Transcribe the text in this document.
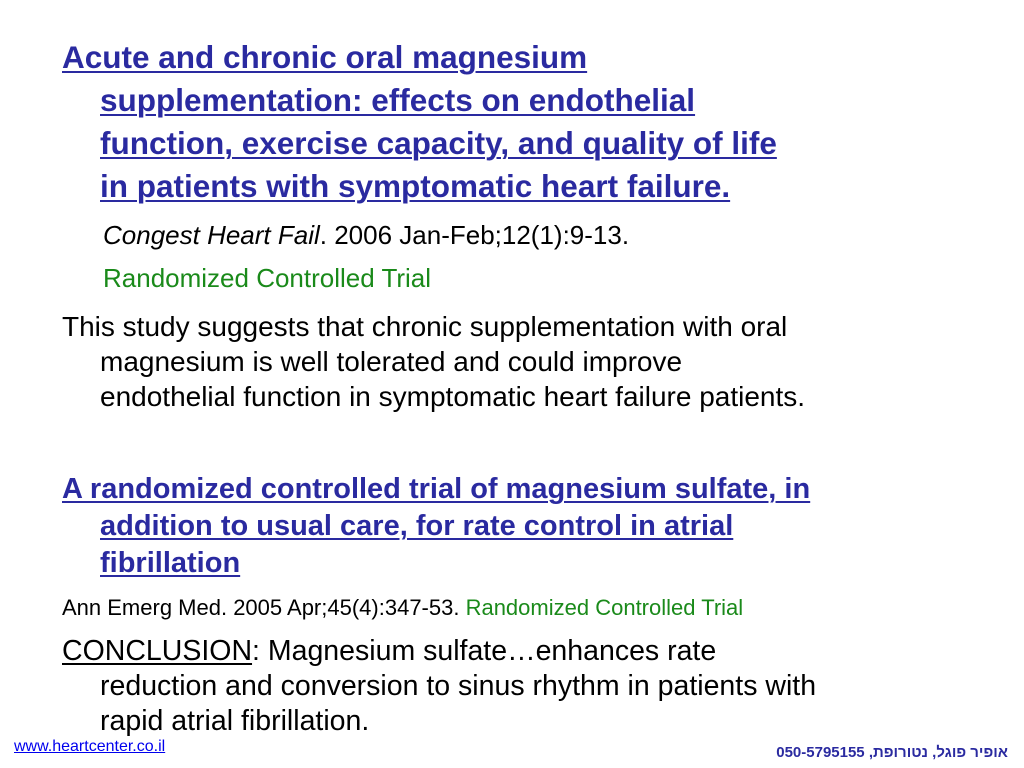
Acute and chronic oral magnesium
supplementation: effects on endothelial
function, exercise capacity, and quality of life
in patients with symptomatic heart failure.
Congest Heart Fail. 2006 Jan-Feb;12(1):9-13.
Randomized Controlled Trial
This study suggests that chronic supplementation with oral
magnesium is well tolerated and could improve
endothelial function in symptomatic heart failure patients.
A randomized controlled trial of magnesium sulfate, in
addition to usual care, for rate control in atrial
fibrillation
Ann Emerg Med. 2005 Apr;45(4):347-53. Randomized Controlled Trial
CONCLUSION: Magnesium sulfate…enhances rate
reduction and conversion to sinus rhythm in patients with
rapid atrial fibrillation.
www.heartcenter.co.il	אופיר פוגל, נטורופת, 050-5795155
